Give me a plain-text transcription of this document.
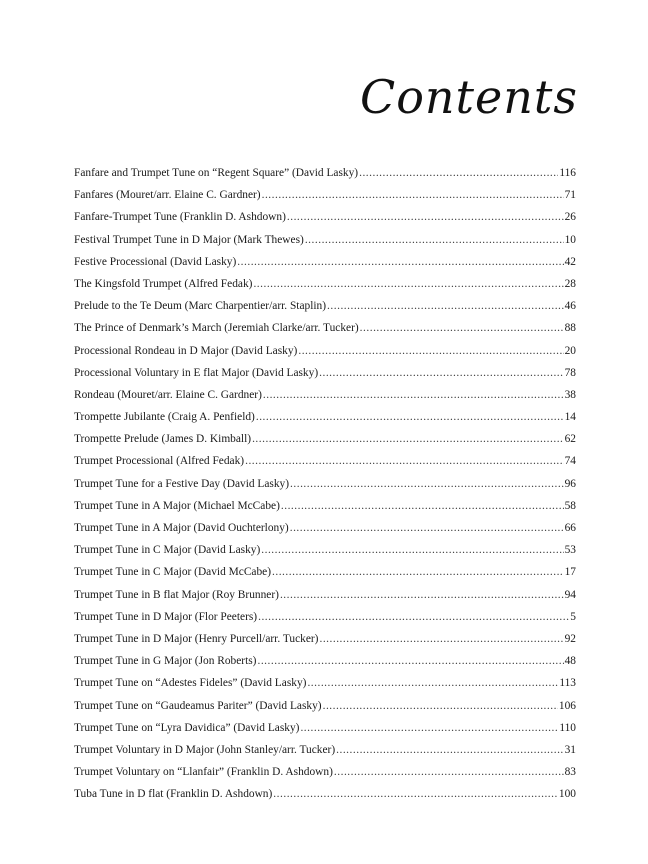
Contents
Fanfare and Trumpet Tune on “Regent Square” (David Lasky) .....	116
Fanfares (Mouret/arr. Elaine C. Gardner) .....	71
Fanfare-Trumpet Tune (Franklin D. Ashdown) .....	26
Festival Trumpet Tune in D Major (Mark Thewes) .....	10
Festive Processional (David Lasky) .....	42
The Kingsfold Trumpet (Alfred Fedak) .....	28
Prelude to the Te Deum (Marc Charpentier/arr. Staplin) .....	46
The Prince of Denmark’s March (Jeremiah Clarke/arr. Tucker) .....	88
Processional Rondeau in D Major (David Lasky) .....	20
Processional Voluntary in E flat Major (David Lasky) .....	78
Rondeau (Mouret/arr. Elaine C. Gardner) .....	38
Trompette Jubilante (Craig A. Penfield) .....	14
Trompette Prelude (James D. Kimball) .....	62
Trumpet Processional (Alfred Fedak) .....	74
Trumpet Tune for a Festive Day (David Lasky) .....	96
Trumpet Tune in A Major (Michael McCabe) .....	58
Trumpet Tune in A Major (David Ouchterlony) .....	66
Trumpet Tune in C Major (David Lasky) .....	53
Trumpet Tune in C Major (David McCabe) .....	17
Trumpet Tune in B flat Major (Roy Brunner) .....	94
Trumpet Tune in D Major (Flor Peeters) .....	5
Trumpet Tune in D Major (Henry Purcell/arr. Tucker) .....	92
Trumpet Tune in G Major (Jon Roberts) .....	48
Trumpet Tune on “Adestes Fideles” (David Lasky) .....	113
Trumpet Tune on “Gaudeamus Pariter” (David Lasky) .....	106
Trumpet Tune on “Lyra Davidica” (David Lasky) .....	110
Trumpet Voluntary in D Major (John Stanley/arr. Tucker) .....	31
Trumpet Voluntary on “Llanfair” (Franklin D. Ashdown) .....	83
Tuba Tune in D flat (Franklin D. Ashdown) .....	100
